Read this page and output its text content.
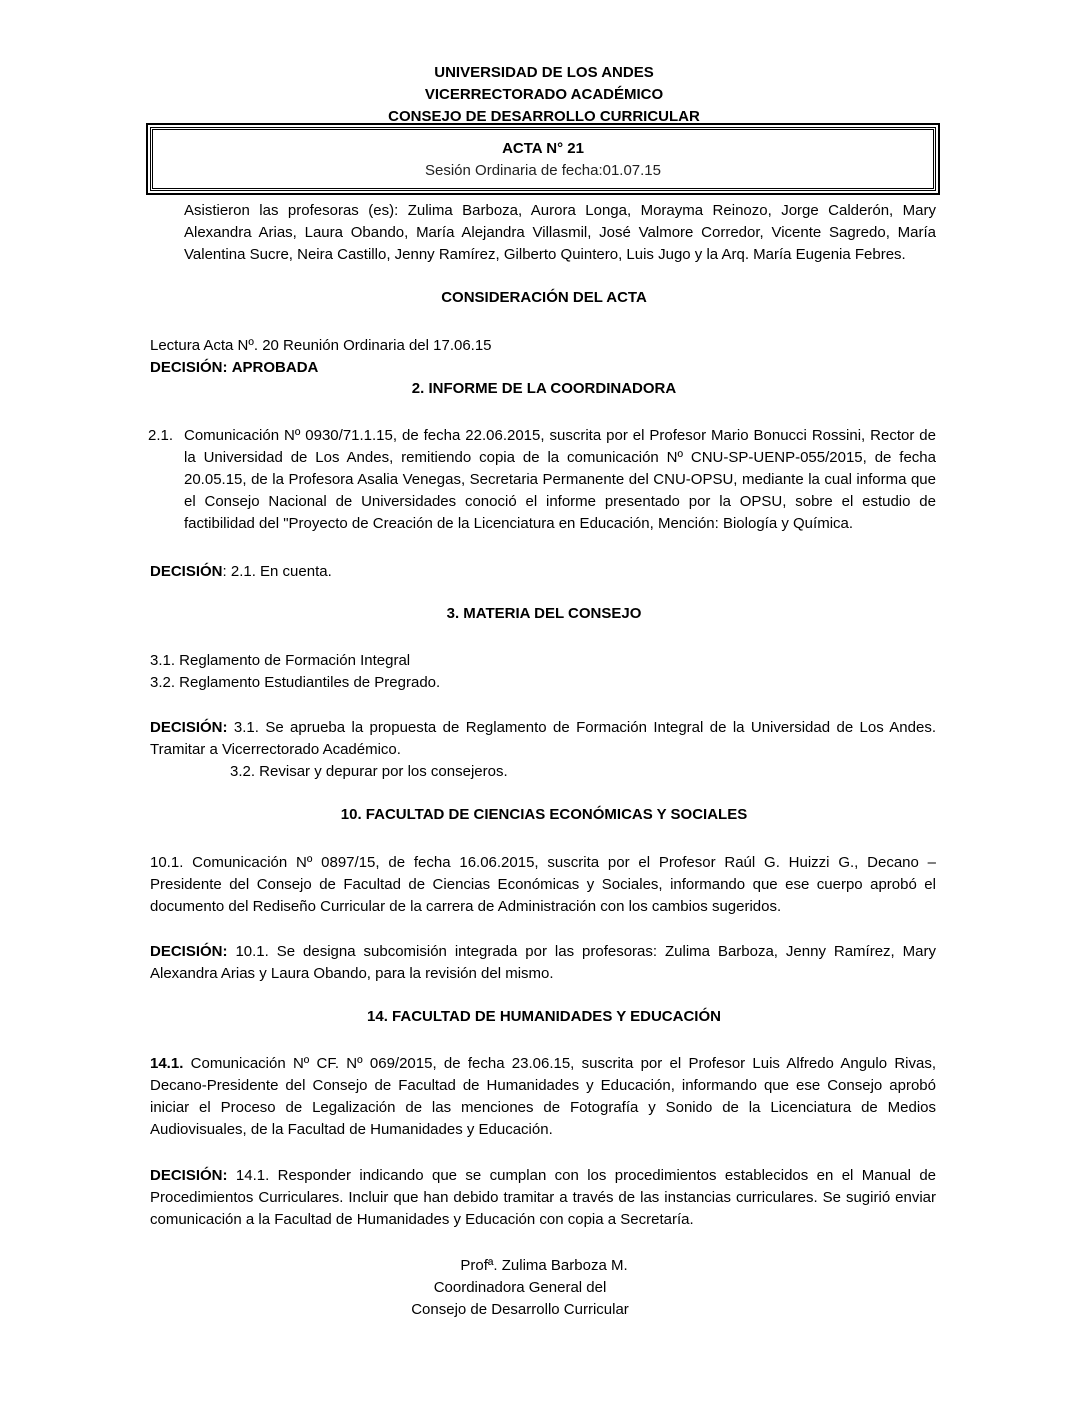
UNIVERSIDAD DE LOS ANDES
VICERRECTORADO ACADÉMICO
CONSEJO DE DESARROLLO CURRICULAR
ACTA N° 21
Sesión Ordinaria de fecha:01.07.15
Asistieron las profesoras (es): Zulima Barboza, Aurora Longa, Morayma Reinozo, Jorge Calderón, Mary Alexandra Arias, Laura Obando, María Alejandra Villasmil, José Valmore Corredor, Vicente Sagredo, María Valentina Sucre, Neira Castillo, Jenny Ramírez, Gilberto Quintero, Luis Jugo y la Arq. María Eugenia Febres.
CONSIDERACIÓN DEL ACTA
Lectura Acta Nº. 20 Reunión Ordinaria del 17.06.15
DECISIÓN: APROBADA
2. INFORME DE LA COORDINADORA
2.1. Comunicación Nº 0930/71.1.15, de fecha 22.06.2015, suscrita por el Profesor Mario Bonucci Rossini, Rector de la Universidad de Los Andes, remitiendo copia de la comunicación Nº CNU-SP-UENP-055/2015, de fecha 20.05.15, de la Profesora Asalia Venegas, Secretaria Permanente del CNU-OPSU, mediante la cual informa que el Consejo Nacional de Universidades conoció el informe presentado por la OPSU, sobre el estudio de factibilidad del "Proyecto de Creación de la Licenciatura en Educación, Mención: Biología y Química.
DECISIÓN: 2.1. En cuenta.
3. MATERIA DEL CONSEJO
3.1. Reglamento de Formación Integral
3.2. Reglamento Estudiantiles de Pregrado.
DECISIÓN: 3.1. Se aprueba la propuesta de Reglamento de Formación Integral de la Universidad de Los Andes. Tramitar a Vicerrectorado Académico.
3.2. Revisar y depurar por los consejeros.
10. FACULTAD DE CIENCIAS ECONÓMICAS Y SOCIALES
10.1. Comunicación Nº 0897/15, de fecha 16.06.2015, suscrita por el Profesor Raúl G. Huizzi G., Decano – Presidente del Consejo de Facultad de Ciencias Económicas y Sociales, informando que ese cuerpo aprobó el documento del Rediseño Curricular de la carrera de Administración con los cambios sugeridos.
DECISIÓN: 10.1. Se designa subcomisión integrada por las profesoras: Zulima Barboza, Jenny Ramírez, Mary Alexandra Arias y Laura Obando, para la revisión del mismo.
14. FACULTAD DE HUMANIDADES Y EDUCACIÓN
14.1. Comunicación Nº CF. Nº 069/2015, de fecha 23.06.15, suscrita por el Profesor Luis Alfredo Angulo Rivas, Decano-Presidente del Consejo de Facultad de Humanidades y Educación, informando que ese Consejo aprobó iniciar el Proceso de Legalización de las menciones de Fotografía y Sonido de la Licenciatura de Medios Audiovisuales, de la Facultad de Humanidades y Educación.
DECISIÓN: 14.1. Responder indicando que se cumplan con los procedimientos establecidos en el Manual de Procedimientos Curriculares. Incluir que han debido tramitar a través de las instancias curriculares. Se sugirió enviar comunicación a la Facultad de Humanidades y Educación con copia a Secretaría.
Profª. Zulima Barboza M.
Coordinadora General del
Consejo de Desarrollo Curricular
